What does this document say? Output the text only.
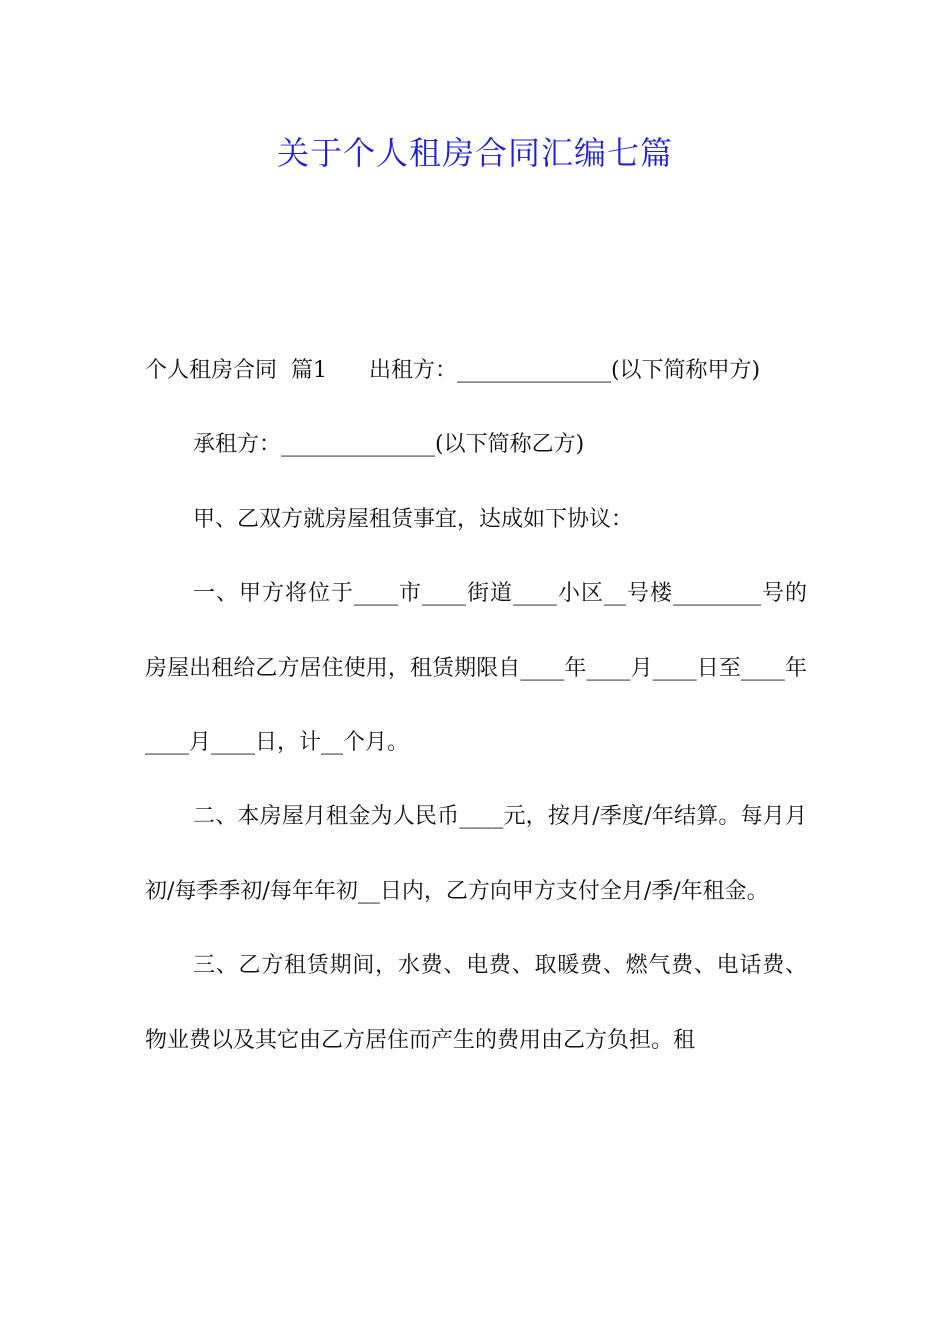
关于个人租房合同汇编七篇

个人租房合同  篇1      出租方：______________(以下简称甲方)

承租方：______________(以下简称乙方)

甲、乙双方就房屋租赁事宜，达成如下协议：

一、甲方将位于____市____街道____小区__号楼________号的房屋出租给乙方居住使用，租赁期限自____年____月____日至____年____月____日，计__个月。

二、本房屋月租金为人民币____元，按月/季度/年结算。每月月初/每季季初/每年年初__日内，乙方向甲方支付全月/季/年租金。

三、乙方租赁期间，水费、电费、取暖费、燃气费、电话费、物业费以及其它由乙方居住而产生的费用由乙方负担。租
